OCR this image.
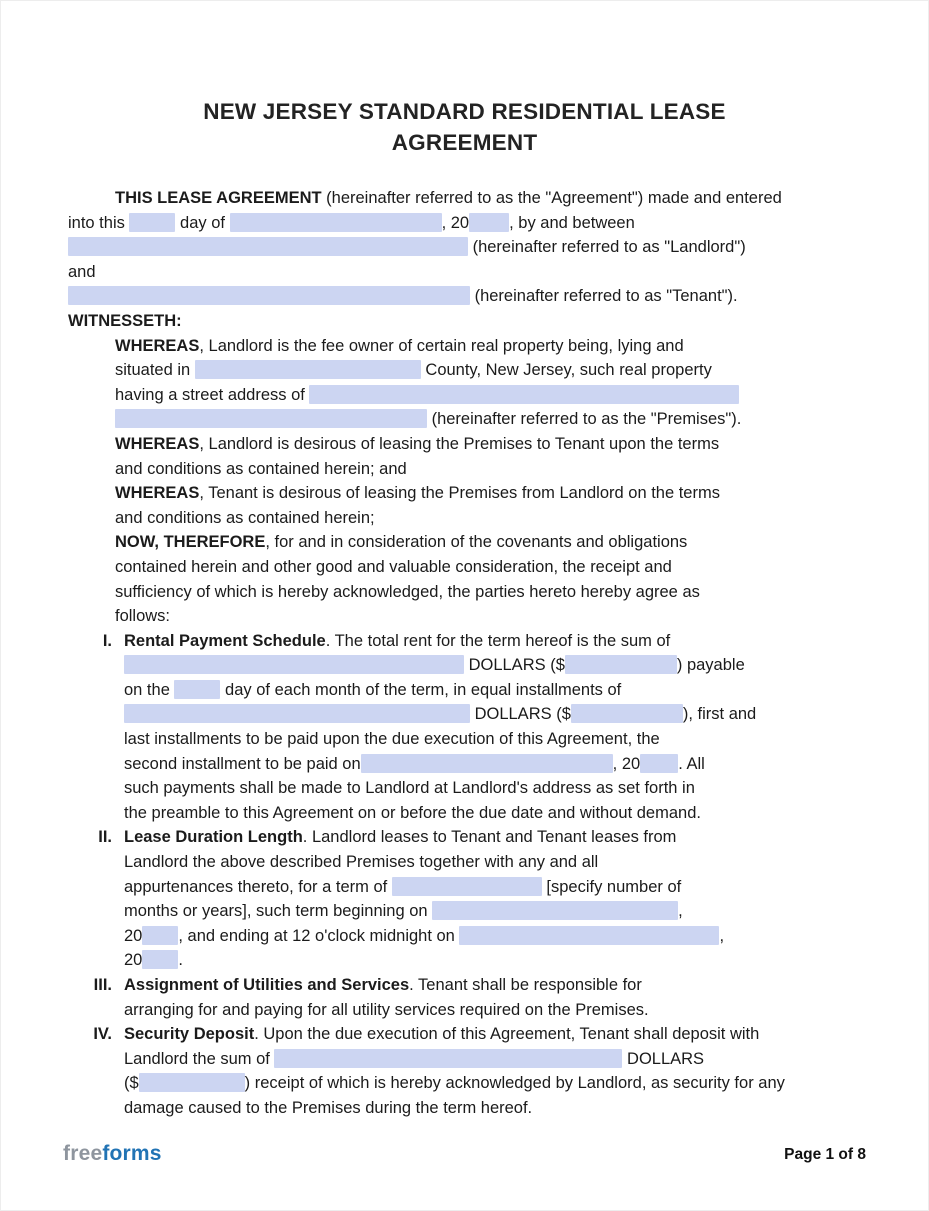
NEW JERSEY STANDARD RESIDENTIAL LEASE AGREEMENT

THIS LEASE AGREEMENT (hereinafter referred to as the "Agreement") made and entered
into this	day of	, 20 , by and between
(hereinafter referred to as "Landlord")
and
(hereinafter referred to as "Tenant").

WITNESSETH:

WHEREAS, Landlord is the fee owner of certain real property being, lying and
situated in	County, New Jersey, such real property
having a street address of
(hereinafter referred to as the "Premises").

WHEREAS, Landlord is desirous of leasing the Premises to Tenant upon the terms
and conditions as contained herein; and

WHEREAS, Tenant is desirous of leasing the Premises from Landlord on the terms
and conditions as contained herein;

NOW, THEREFORE, for and in consideration of the covenants and obligations
contained herein and other good and valuable consideration, the receipt and
sufficiency of which is hereby acknowledged, the parties hereto hereby agree as
follows:

I. Rental Payment Schedule. The total rent for the term hereof is the sum of
DOLLARS ($	) payable
on the	day of each month of the term, in equal installments of
DOLLARS ($	), first and
last installments to be paid upon the due execution of this Agreement, the
second installment to be paid on	, 20 . All
such payments shall be made to Landlord at Landlord's address as set forth in
the preamble to this Agreement on or before the due date and without demand.
II. Lease Duration Length. Landlord leases to Tenant and Tenant leases from
Landlord the above described Premises together with any and all
appurtenances thereto, for a term of	[specify number of
months or years], such term beginning on	,
20 , and ending at 12 o'clock midnight on	,
20 .
III. Assignment of Utilities and Services. Tenant shall be responsible for
arranging for and paying for all utility services required on the Premises.
IV. Security Deposit. Upon the due execution of this Agreement, Tenant shall deposit with
Landlord the sum of	DOLLARS
($	) receipt of which is hereby acknowledged by Landlord, as security for any
damage caused to the Premises during the term hereof.
freeforms	Page 1 of 8
